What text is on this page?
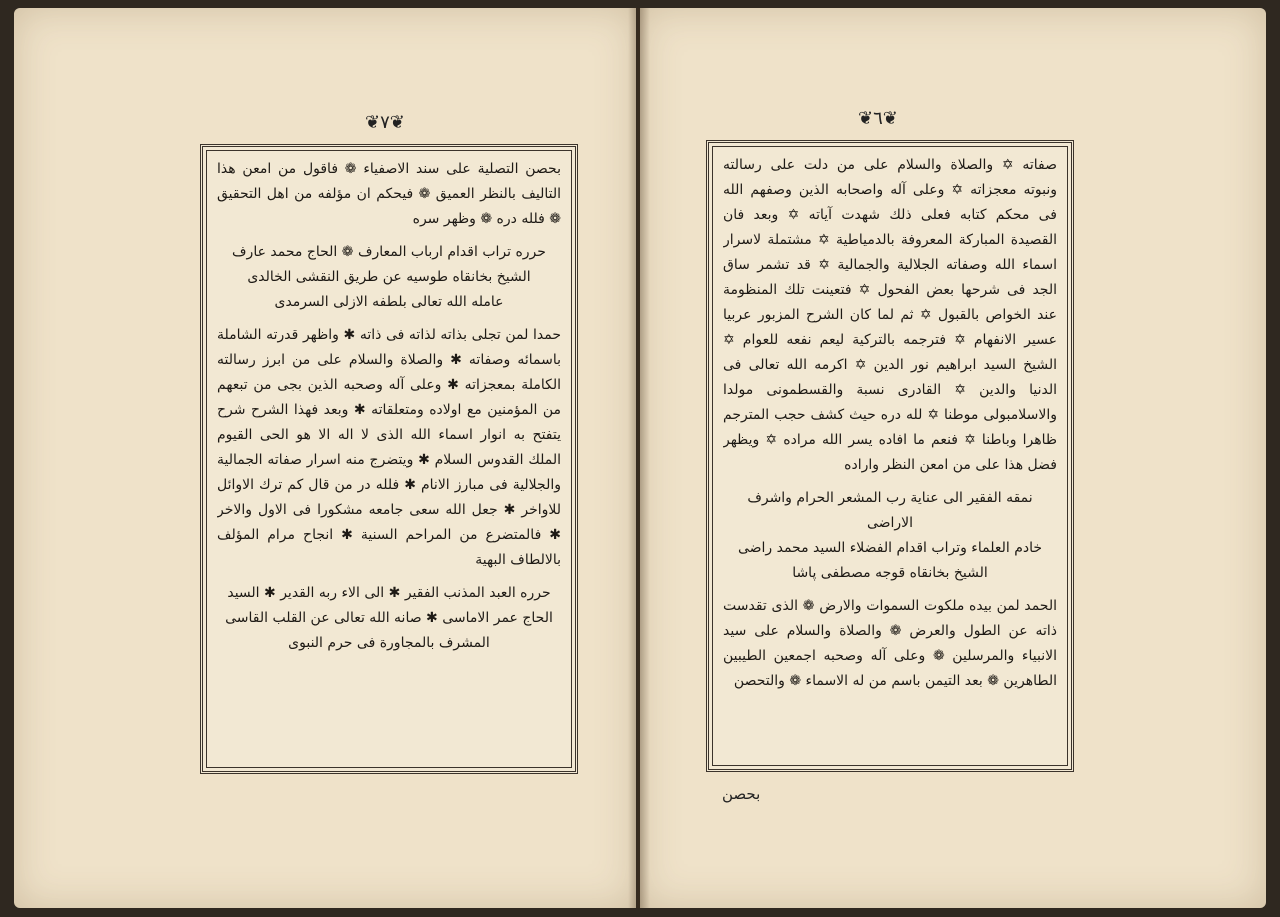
❦٧❦	❦٦❦

بحصن التصلية على سند الاصفياء ❁ فاقول من امعن هذا التاليف بالنظر العميق ❁ فيحكم ان مؤلفه من اهل التحقيق ❁ فلله دره ❁ وظهر سره

حرره تراب اقدام ارباب المعارف ❁ الحاج محمد عارف
الشيخ بخانقاه طوسيه عن طريق النقشى الخالدى
عامله الله تعالى بلطفه الازلى السرمدى

حمدا لمن تجلى بذاته لذاته فى ذاته ✱ واظهر قدرته الشاملة باسمائه وصفاته ✱ والصلاة والسلام على من ابرز رسالته الكاملة بمعجزاته ✱ وعلى آله وصحبه الذين بجى من تبعهم من المؤمنين مع اولاده ومتعلقاته ✱ وبعد فهذا الشرح شرح يتفتح به انوار اسماء الله الذى لا اله الا هو الحى القيوم الملك القدوس السلام ✱ ويتضرج منه اسرار صفاته الجمالية والجلالية فى مبارز الانام ✱ فلله در من قال كم ترك الاوائل للاواخر ✱ جعل الله سعى جامعه مشكورا فى الاول والاخر ✱ فالمتضرع من المراحم السنية ✱ انجاح مرام المؤلف بالالطاف البهية

حرره العبد المذنب الفقير ✱ الى الاء ربه القدير ✱ السيد
الحاج عمر الاماسى ✱ صانه الله تعالى عن القلب القاسى
المشرف بالمجاورة فى حرم النبوى

صفاته ✡ والصلاة والسلام على من دلت على رسالته ونبوته معجزاته ✡ وعلى آله واصحابه الذين وصفهم الله فى محكم كتابه فعلى ذلك شهدت آياته ✡ وبعد فان القصيدة المباركة المعروفة بالدمياطية ✡ مشتملة لاسرار اسماء الله وصفاته الجلالية والجمالية ✡ قد تشمر ساق الجد فى شرحها بعض الفحول ✡ فتعينت تلك المنظومة عند الخواص بالقبول ✡ ثم لما كان الشرح المزبور عربيا عسير الانفهام ✡ فترجمه بالتركية ليعم نفعه للعوام ✡ الشيخ السيد ابراهيم نور الدين ✡ اكرمه الله تعالى فى الدنيا والدين ✡ القادرى نسبة والقسطمونى مولدا والاسلامبولى موطنا ✡ لله دره حيث كشف حجب المترجم ظاهرا وباطنا ✡ فنعم ما افاده يسر الله مراده ✡ ويظهر فضل هذا على من امعن النظر واراده

نمقه الفقير الى عناية رب المشعر الحرام واشرف الاراضى
خادم العلماء وتراب اقدام الفضلاء السيد محمد راضى
الشيخ بخانقاه قوجه مصطفى پاشا

الحمد لمن بيده ملكوت السموات والارض ❁ الذى تقدست ذاته عن الطول والعرض ❁ والصلاة والسلام على سيد الانبياء والمرسلين ❁ وعلى آله وصحبه اجمعين الطيبين الطاهرين ❁ بعد التيمن باسم من له الاسماء ❁ والتحصن

بحصن
